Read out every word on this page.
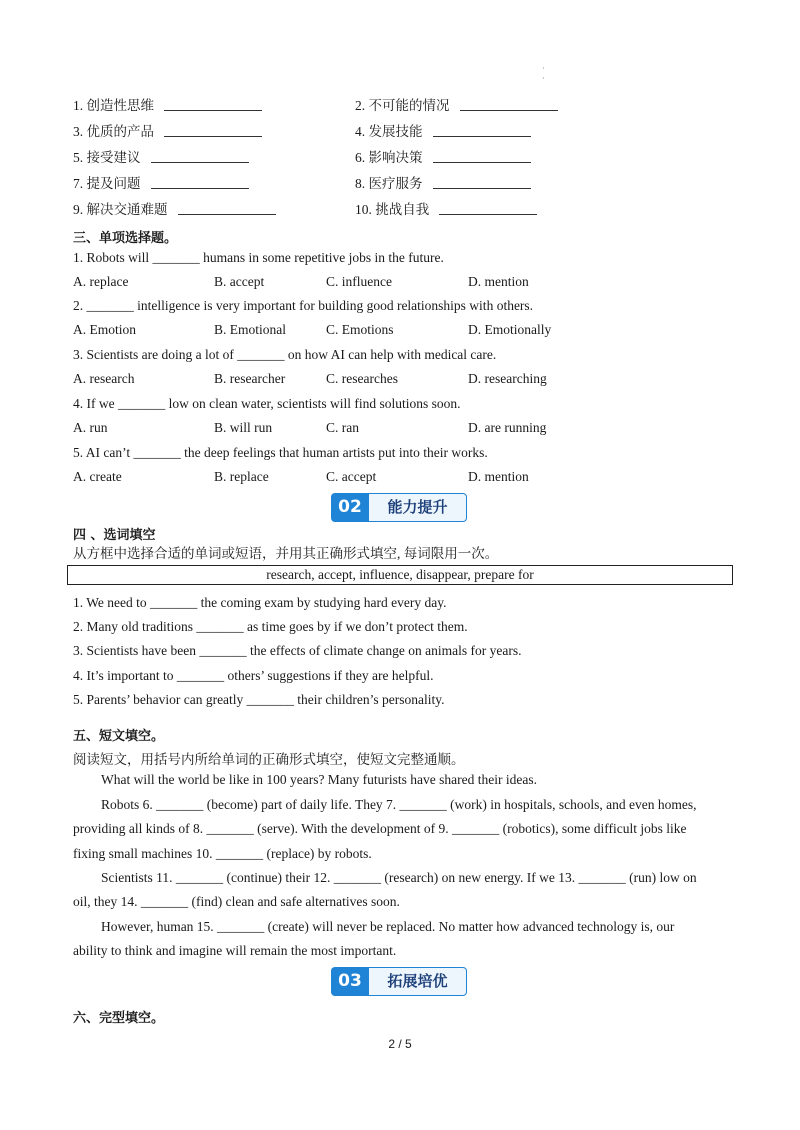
·
·
1. 创造性思维	2. 不可能的情况
3. 优质的产品	4. 发展技能
5. 接受建议	6. 影响决策
7. 提及问题	8. 医疗服务
9. 解决交通难题	10. 挑战自我
三、单项选择题。
1. Robots will _______ humans in some repetitive jobs in the future.
A. replace	B. accept	C. influence	D. mention
2. _______ intelligence is very important for building good relationships with others.
A. Emotion	B. Emotional	C. Emotions	D. Emotionally
3. Scientists are doing a lot of _______ on how AI can help with medical care.
A. research	B. researcher	C. researches	D. researching
4. If we _______ low on clean water, scientists will find solutions soon.
A. run	B. will run	C. ran	D. are running
5. AI can’t _______ the deep feelings that human artists put into their works.
A. create	B. replace	C. accept	D. mention
02	能力提升
四 、选词填空
从方框中选择合适的单词或短语，并用其正确形式填空, 每词限用一次。
research, accept, influence, disappear, prepare for
1. We need to _______ the coming exam by studying hard every day.
2. Many old traditions _______ as time goes by if we don’t protect them.
3. Scientists have been _______ the effects of climate change on animals for years.
4. It’s important to _______ others’ suggestions if they are helpful.
5. Parents’ behavior can greatly _______ their children’s personality.
五、短文填空。
阅读短文，用括号内所给单词的正确形式填空，使短文完整通顺。
What will the world be like in 100 years? Many futurists have shared their ideas.
Robots 6. _______ (become) part of daily life. They 7. _______ (work) in hospitals, schools, and even homes,
providing all kinds of 8. _______ (serve). With the development of 9. _______ (robotics), some difficult jobs like
fixing small machines 10. _______ (replace) by robots.
Scientists 11. _______ (continue) their 12. _______ (research) on new energy. If we 13. _______ (run) low on
oil, they 14. _______ (find) clean and safe alternatives soon.
However, human 15. _______ (create) will never be replaced. No matter how advanced technology is, our
ability to think and imagine will remain the most important.
03	拓展培优
六、完型填空。
2 / 5
